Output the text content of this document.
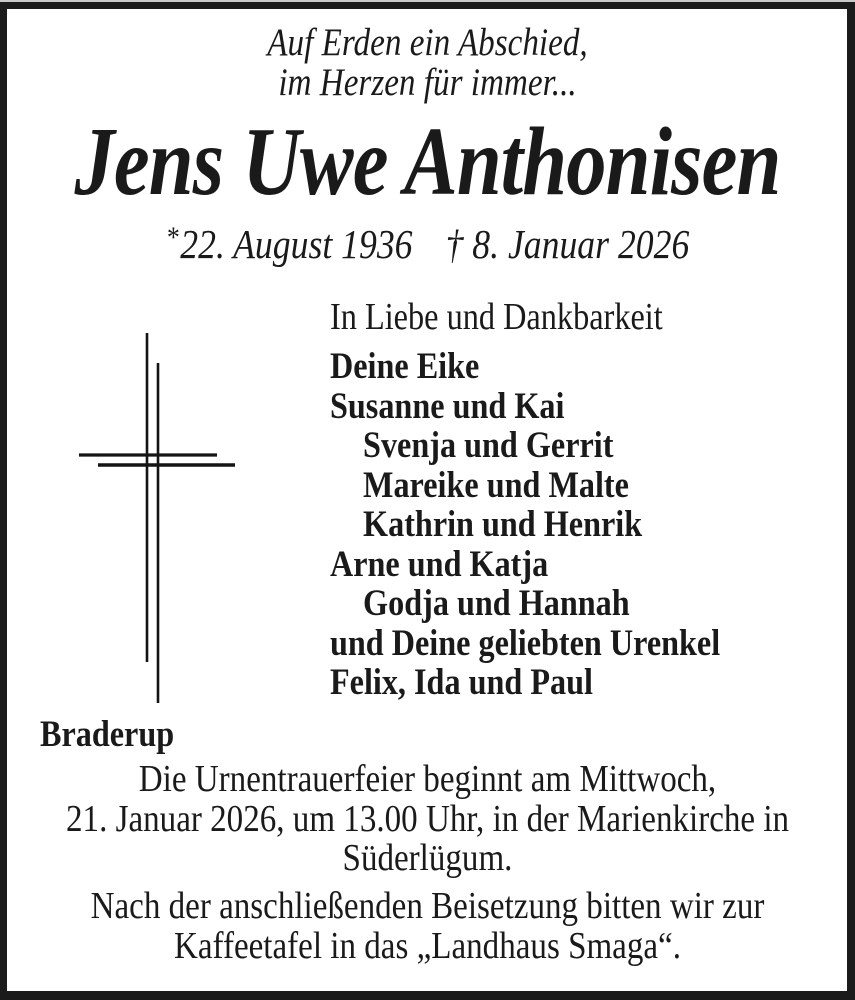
Auf Erden ein Abschied,
im Herzen für immer...
Jens Uwe Anthonisen
*22. August 1936 † 8. Januar 2026
In Liebe und Dankbarkeit
Deine Eike
Susanne und Kai
Svenja und Gerrit
Mareike und Malte
Kathrin und Henrik
Arne und Katja
Godja und Hannah
und Deine geliebten Urenkel
Felix, Ida und Paul
Braderup
Die Urnentrauerfeier beginnt am Mittwoch,
21. Januar 2026, um 13.00 Uhr, in der Marienkirche in
Süderlügum.
Nach der anschließenden Beisetzung bitten wir zur
Kaffeetafel in das „Landhaus Smaga“.
